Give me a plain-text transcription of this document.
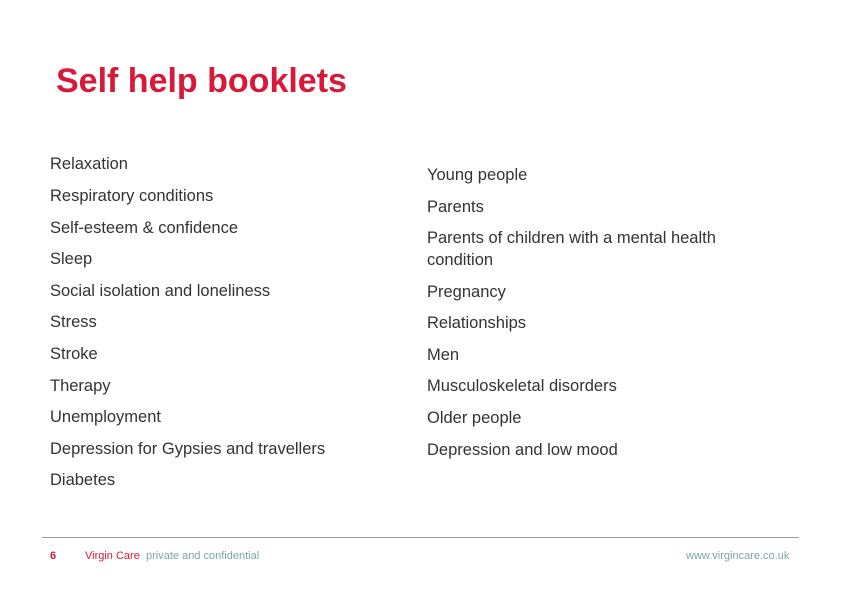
Self help booklets
Relaxation
Respiratory conditions
Self-esteem & confidence
Sleep
Social isolation and loneliness
Stress
Stroke
Therapy
Unemployment
Depression for Gypsies and travellers
Diabetes
Young people
Parents
Parents of children with a mental health condition
Pregnancy
Relationships
Men
Musculoskeletal disorders
Older people
Depression and low mood
6	Virgin Care private and confidential	www.virgincare.co.uk
